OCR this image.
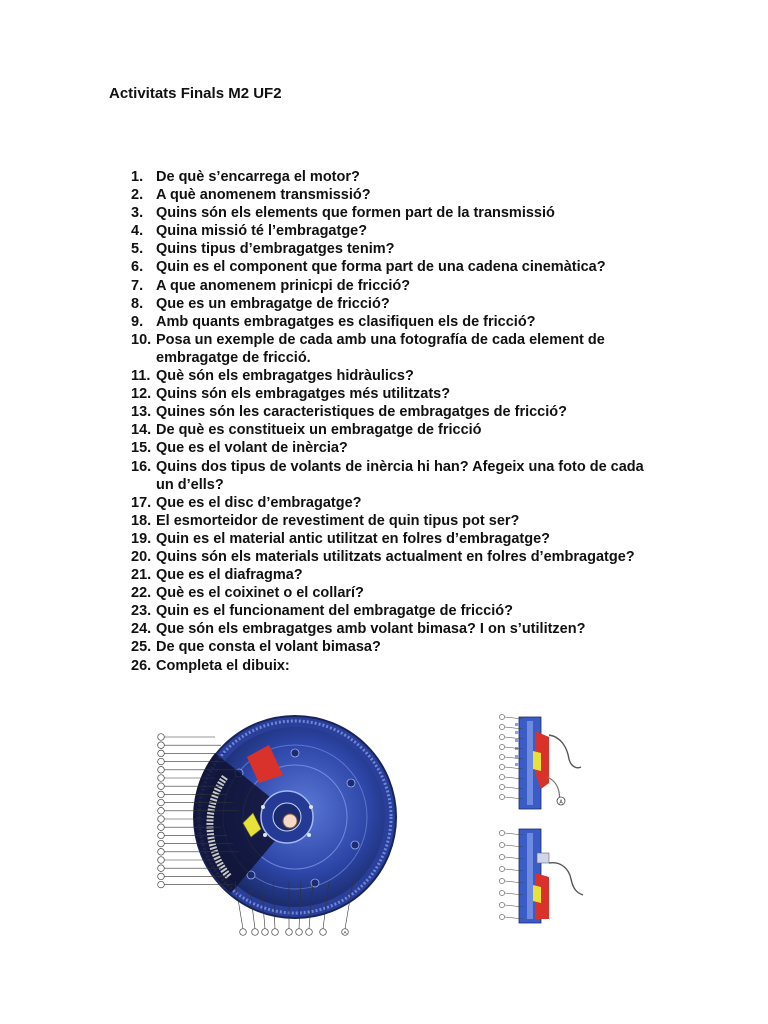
Activitats Finals M2 UF2
1. De què s’encarrega el motor?
2. A què anomenem transmissió?
3. Quins són els elements que formen part de la transmissió
4. Quina missió té l’embragatge?
5. Quins tipus d’embragatges tenim?
6. Quin es el component que forma part de una cadena cinemàtica?
7. A que anomenem prinicpi de fricció?
8. Que es un embragatge de fricció?
9. Amb quants embragatges es clasifiquen els de fricció?
10. Posa un exemple de cada amb una fotografía de cada element de embragatge de fricció.
11. Què són els embragatges hidràulics?
12. Quins són els embragatges més utilitzats?
13. Quines són les caracteristiques de embragatges de fricció?
14. De què es constitueix un embragatge de fricció
15. Que es el volant de inèrcia?
16. Quins dos tipus de volants de inèrcia hi han? Afegeix una foto de cada un d’ells?
17. Que es el disc d’embragatge?
18. El esmorteidor de revestiment de quin tipus pot ser?
19. Quin es el material antic utilitzat en folres d’embragatge?
20. Quins són els materials utilitzats actualment en folres d’embragatge?
21. Que es el diafragma?
22. Què es el coixinet o el collarí?
23. Quin es el funcionament del embragatge de fricció?
24. Que són els embragatges amb volant bimasa? I on s’utilitzen?
25. De que consta el volant bimasa?
26. Completa el dibuix:
A
A
